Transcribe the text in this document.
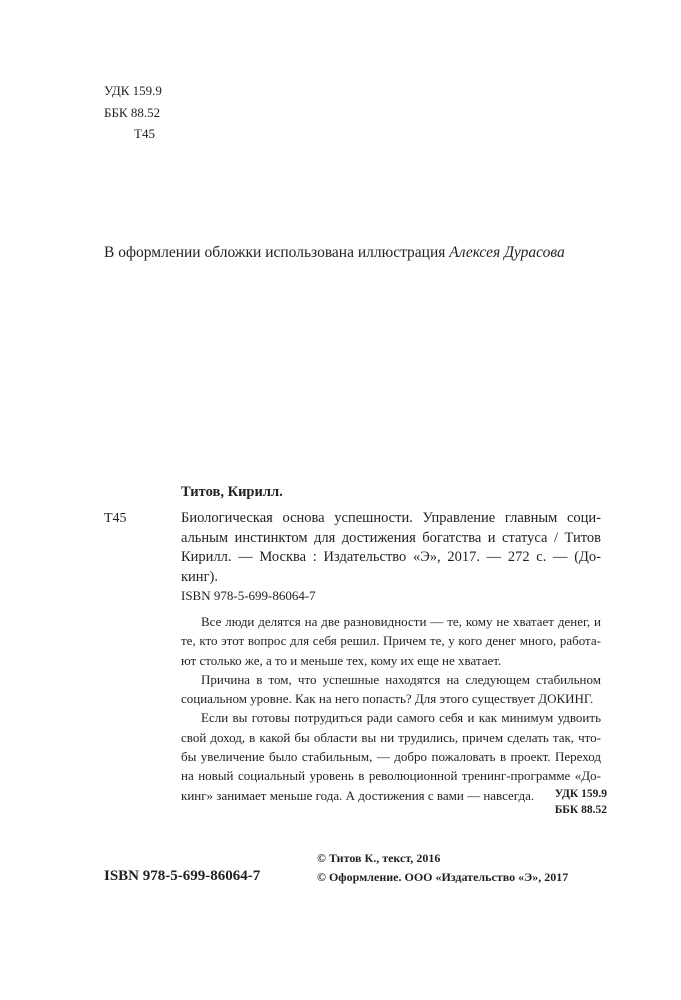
УДК 159.9
ББК 88.52
Т45
В оформлении обложки использована иллюстрация Алексея Дурасова
Титов, Кирилл.
Т45	Биологическая основа успешности. Управление главным соци-
альным инстинктом для достижения богатства и статуса / Титов
Кирилл. — Москва : Издательство «Э», 2017. — 272 с. — (До-
кинг).
ISBN 978-5-699-86064-7
Все люди делятся на две разновидности — те, кому не хватает денег, и
те, кто этот вопрос для себя решил. Причем те, у кого денег много, работа-
ют столько же, а то и меньше тех, кому их еще не хватает.
Причина в том, что успешные находятся на следующем стабильном
социальном уровне. Как на него попасть? Для этого существует ДОКИНГ.
Если вы готовы потрудиться ради самого себя и как минимум удвоить
свой доход, в какой бы области вы ни трудились, причем сделать так, что-
бы увеличение было стабильным, — добро пожаловать в проект. Переход
на новый социальный уровень в революционной тренинг-программе «До-
кинг» занимает меньше года. А достижения с вами — навсегда.	УДК 159.9
ББК 88.52
ISBN 978-5-699-86064-7
© Титов К., текст, 2016
© Оформление. ООО «Издательство «Э», 2017
